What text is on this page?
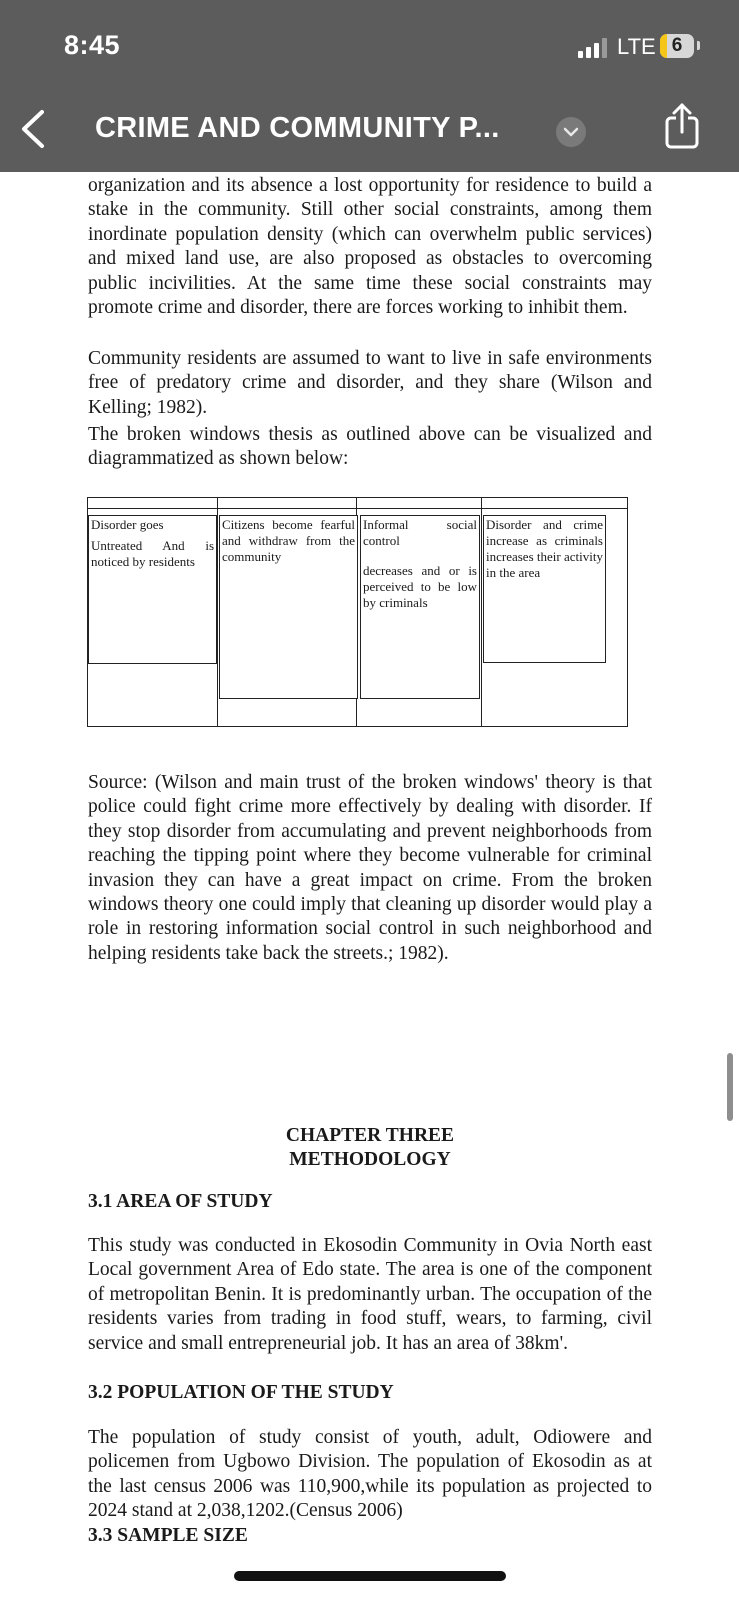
8:45	LTE 6
CRIME AND COMMUNITY P...

organization and its absence a lost opportunity for residence to build a stake in the community. Still other social constraints, among them inordinate population density (which can overwhelm public services) and mixed land use, are also proposed as obstacles to overcoming public incivilities. At the same time these social constraints may promote crime and disorder, there are forces working to inhibit them.

Community residents are assumed to want to live in safe environments free of predatory crime and disorder, and they share (Wilson and Kelling; 1982).

The broken windows thesis as outlined above can be visualized and diagrammatized as shown below:

Disorder goes
Untreated And is noticed by residents
Citizens become fearful and withdraw from the community
Informal social control
decreases and or is perceived to be low by criminals
Disorder and crime increase as criminals increases their activity in the area

Source: (Wilson and main trust of the broken windows' theory is that police could fight crime more effectively by dealing with disorder. If they stop disorder from accumulating and prevent neighborhoods from reaching the tipping point where they become vulnerable for criminal invasion they can have a great impact on crime. From the broken windows theory one could imply that cleaning up disorder would play a role in restoring information social control in such neighborhood and helping residents take back the streets.; 1982).

CHAPTER THREE
METHODOLOGY
3.1 AREA OF STUDY

This study was conducted in Ekosodin Community in Ovia North east Local government Area of Edo state. The area is one of the component of metropolitan Benin. It is predominantly urban. The occupation of the residents varies from trading in food stuff, wears, to farming, civil service and small entrepreneurial job. It has an area of 38km'.

3.2 POPULATION OF THE STUDY

The population of study consist of youth, adult, Odiowere and policemen from Ugbowo Division. The population of Ekosodin as at the last census 2006 was 110,900,while its population as projected to 2024 stand at 2,038,1202.(Census 2006)

3.3 SAMPLE SIZE
